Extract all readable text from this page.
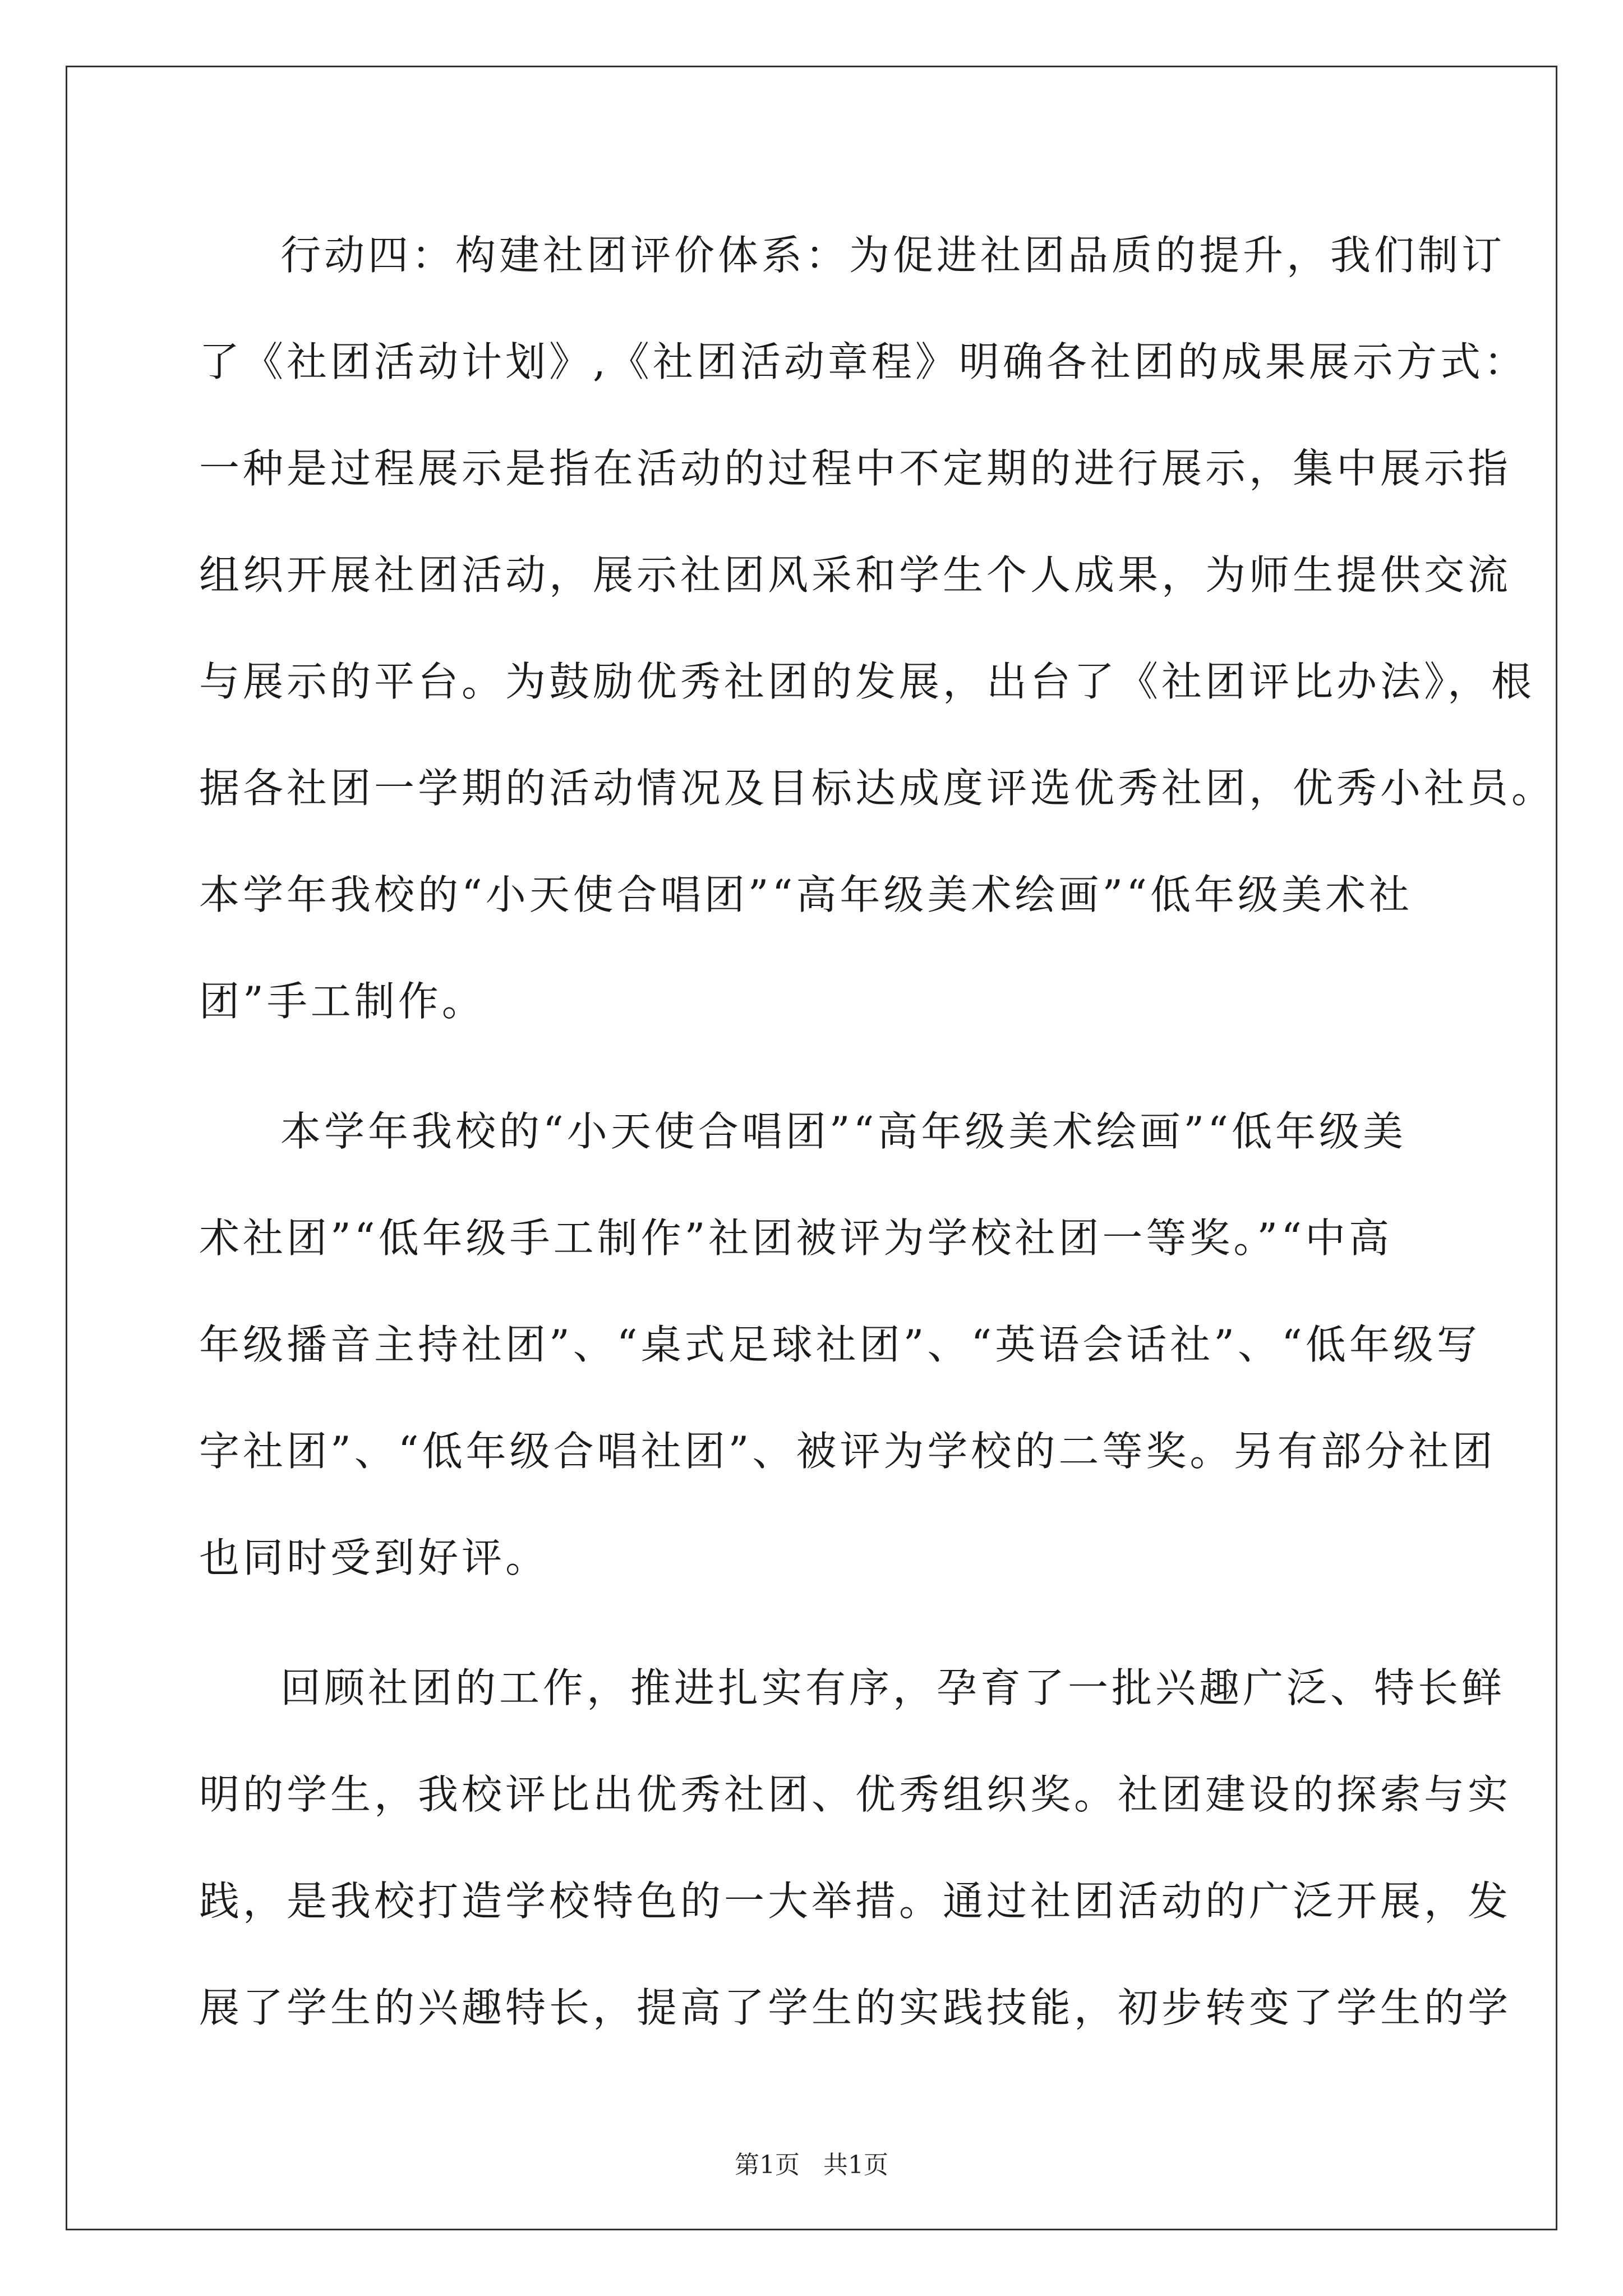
行动四：构建社团评价体系：为促进社团品质的提升，我们制订
了《社团活动计划》,《社团活动章程》明确各社团的成果展示方式：
一种是过程展示是指在活动的过程中不定期的进行展示，集中展示指
组织开展社团活动，展示社团风采和学生个人成果，为师生提供交流
与展示的平台。为鼓励优秀社团的发展，出台了《社团评比办法》，根
据各社团一学期的活动情况及目标达成度评选优秀社团，优秀小社员。
本学年我校的“小天使合唱团”“高年级美术绘画”“低年级美术社
团”手工制作。
本学年我校的“小天使合唱团”“高年级美术绘画”“低年级美
术社团”“低年级手工制作”社团被评为学校社团一等奖。”“中高
年级播音主持社团”、“桌式足球社团”、“英语会话社”、“低年级写
字社团”、“低年级合唱社团”、被评为学校的二等奖。另有部分社团
也同时受到好评。
回顾社团的工作，推进扎实有序，孕育了一批兴趣广泛、特长鲜
明的学生，我校评比出优秀社团、优秀组织奖。社团建设的探索与实
践，是我校打造学校特色的一大举措。通过社团活动的广泛开展，发
展了学生的兴趣特长，提高了学生的实践技能，初步转变了学生的学
第1页 共1页
